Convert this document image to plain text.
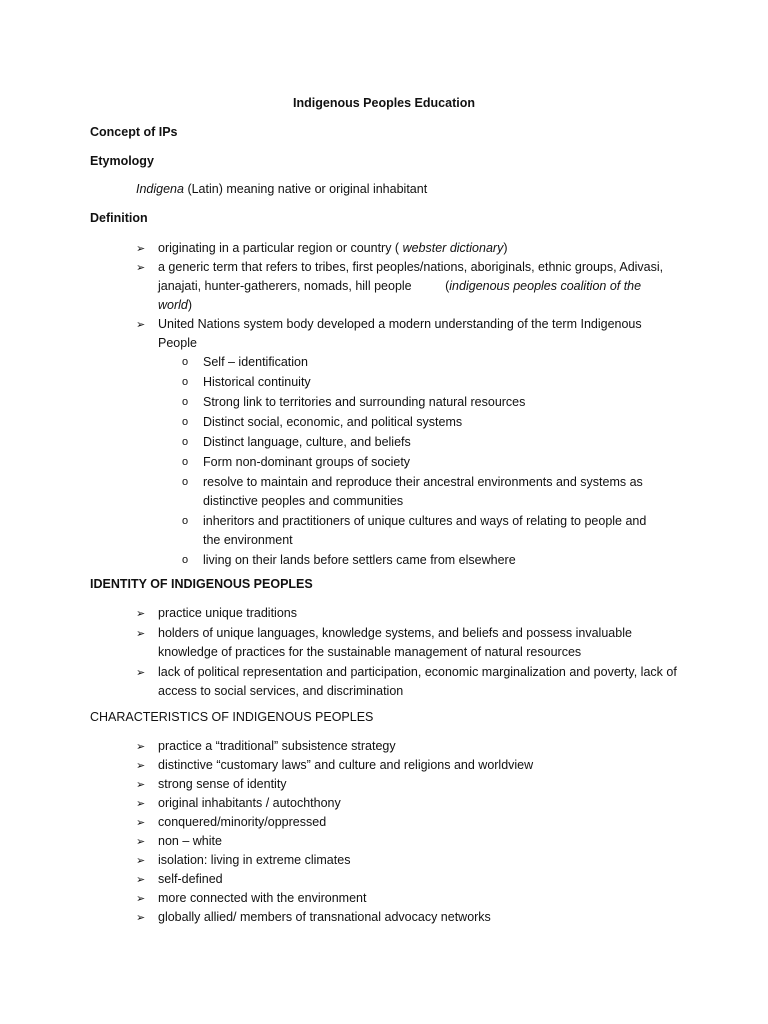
Indigenous Peoples Education
Concept of IPs
Etymology
Indigena (Latin) meaning native or original inhabitant
Definition
➢ originating in a particular region or country ( webster dictionary)
➢ a generic term that refers to tribes, first peoples/nations, aboriginals, ethnic groups, Adivasi, janajati, hunter-gatherers, nomads, hill people (indigenous peoples coalition of the world)
➢ United Nations system body developed a modern understanding of the term Indigenous People
o Self – identification
o Historical continuity
o Strong link to territories and surrounding natural resources
o Distinct social, economic, and political systems
o Distinct language, culture, and beliefs
o Form non-dominant groups of society
o resolve to maintain and reproduce their ancestral environments and systems as distinctive peoples and communities
o inheritors and practitioners of unique cultures and ways of relating to people and the environment
o living on their lands before settlers came from elsewhere
IDENTITY OF INDIGENOUS PEOPLES
➢ practice unique traditions
➢ holders of unique languages, knowledge systems, and beliefs and possess invaluable knowledge of practices for the sustainable management of natural resources
➢ lack of political representation and participation, economic marginalization and poverty, lack of access to social services, and discrimination
CHARACTERISTICS OF INDIGENOUS PEOPLES
➢ practice a “traditional” subsistence strategy
➢ distinctive “customary laws” and culture and religions and worldview
➢ strong sense of identity
➢ original inhabitants / autochthony
➢ conquered/minority/oppressed
➢ non – white
➢ isolation: living in extreme climates
➢ self-defined
➢ more connected with the environment
➢ globally allied/ members of transnational advocacy networks
